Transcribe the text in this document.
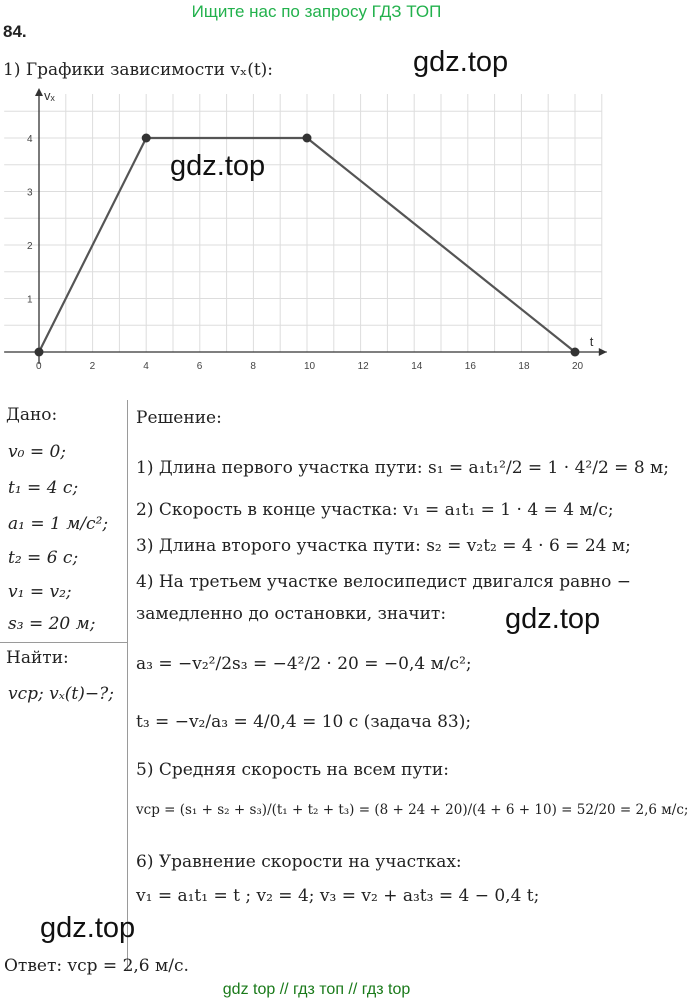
Ищите нас по запросу ГДЗ ТОП
84.
1) Графики зависимости vₓ(t):	gdz.top
t
vₓ
0	2	4	6	8	10	12	14	16	18	20
1
2
3
4
gdz.top
Дано:
v₀ = 0;
t₁ = 4 с;
a₁ = 1 м/с²;
t₂ = 6 с;
v₁ = v₂;
s₃ = 20 м;
Найти:
vср; vₓ(t)−?;
Решение:
1) Длина первого участка пути: s₁ = a₁t₁²/2 = 1 · 4²/2 = 8 м;
2) Скорость в конце участка: v₁ = a₁t₁ = 1 · 4 = 4 м/с;
3) Длина второго участка пути: s₂ = v₂t₂ = 4 · 6 = 24 м;
4) На третьем участке велосипедист двигался равно −
замедленно до остановки, значит: gdz.top
a₃ = −v₂²/2s₃ = −4²/2 · 20 = −0,4 м/с²;
t₃ = −v₂/a₃ = 4/0,4 = 10 с (задача 83);
5) Средняя скорость на всем пути:
vср = (s₁ + s₂ + s₃)/(t₁ + t₂ + t₃) = (8 + 24 + 20)/(4 + 6 + 10) = 52/20 = 2,6 м/с;
6) Уравнение скорости на участках:
v₁ = a₁t₁ = t ; v₂ = 4; v₃ = v₂ + a₃t₃ = 4 − 0,4 t;
gdz.top
Ответ: vср = 2,6 м/с.
gdz top // гдз топ // гдз top
